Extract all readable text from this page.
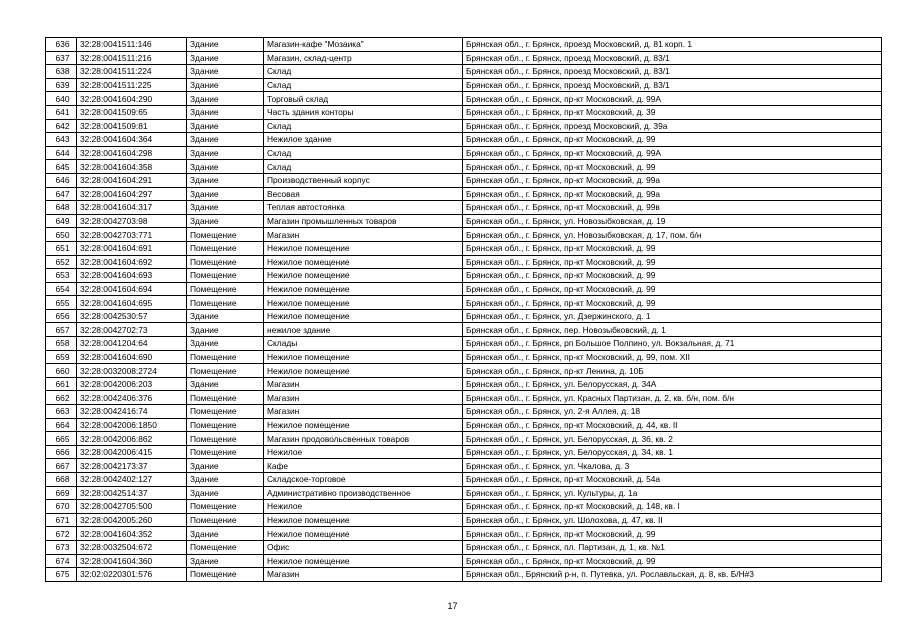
636	32:28:0041511:146	Здание	Магазин-кафе "Мозаика"	Брянская обл., г. Брянск, проезд Московский, д. 81 корп. 1
637	32:28:0041511:216	Здание	Магазин, склад-центр	Брянская обл., г. Брянск, проезд Московский, д. 83/1
638	32:28:0041511:224	Здание	Склад	Брянская обл., г. Брянск, проезд Московский, д. 83/1
639	32:28:0041511:225	Здание	Склад	Брянская обл., г. Брянск, проезд Московский, д. 83/1
640	32:28:0041604:290	Здание	Торговый склад	Брянская обл., г. Брянск, пр-кт Московский, д. 99А
641	32:28:0041509:65	Здание	Часть здания конторы	Брянская обл., г. Брянск, пр-кт Московский, д. 39
642	32:28:0041509:81	Здание	Склад	Брянская обл., г. Брянск, проезд Московский, д. 39а
643	32:28:0041604:364	Здание	Нежилое здание	Брянская обл., г. Брянск, пр-кт Московский, д. 99
644	32:28:0041604:298	Здание	Склад	Брянская обл., г. Брянск, пр-кт Московский, д. 99А
645	32:28:0041604:358	Здание	Склад	Брянская обл., г. Брянск, пр-кт Московский, д. 99
646	32:28:0041604:291	Здание	Производственный корпус	Брянская обл., г. Брянск, пр-кт Московский, д. 99а
647	32:28:0041604:297	Здание	Весовая	Брянская обл., г. Брянск, пр-кт Московский, д. 99а
648	32:28:0041604:317	Здание	Теплая автостоянка	Брянская обл., г. Брянск, пр-кт Московский, д. 99в
649	32:28:0042703:98	Здание	Магазин промышленных товаров	Брянская обл., г. Брянск, ул. Новозыбковская, д. 19
650	32:28:0042703:771	Помещение	Магазин	Брянская обл., г. Брянск, ул. Новозыбковская, д. 17, пом. б/н
651	32:28:0041604:691	Помещение	Нежилое помещение	Брянская обл., г. Брянск, пр-кт Московский, д. 99
652	32:28:0041604:692	Помещение	Нежилое помещение	Брянская обл., г. Брянск, пр-кт Московский, д. 99
653	32:28:0041604:693	Помещение	Нежилое помещение	Брянская обл., г. Брянск, пр-кт Московский, д. 99
654	32:28:0041604:694	Помещение	Нежилое помещение	Брянская обл., г. Брянск, пр-кт Московский, д. 99
655	32:28:0041604:695	Помещение	Нежилое помещение	Брянская обл., г. Брянск, пр-кт Московский, д. 99
656	32:28:0042530:57	Здание	Нежилое помещение	Брянская обл., г. Брянск, ул. Дзержинского, д. 1
657	32:28:0042702:73	Здание	нежилое здание	Брянская обл., г. Брянск, пер. Новозыбковский, д. 1
658	32:28:0041204:64	Здание	Склады	Брянская обл., г. Брянск, рп Большое Полпино, ул. Вокзальная, д. 71
659	32:28:0041604:690	Помещение	Нежилое помещение	Брянская обл., г. Брянск, пр-кт Московский, д. 99, пом. XII
660	32:28:0032008:2724	Помещение	Нежилое помещение	Брянская обл., г. Брянск, пр-кт Ленина, д. 10Б
661	32:28:0042006:203	Здание	Магазин	Брянская обл., г. Брянск, ул. Белорусская, д. 34А
662	32:28:0042406:376	Помещение	Магазин	Брянская обл., г. Брянск, ул. Красных Партизан, д. 2, кв. б/н, пом. б/н
663	32:28:0042416:74	Помещение	Магазин	Брянская обл., г. Брянск, ул. 2-я Аллея, д. 18
664	32:28:0042006:1850	Помещение	Нежилое помещение	Брянская обл., г. Брянск, пр-кт Московский, д. 44, кв. II
665	32:28:0042006:862	Помещение	Магазин продовольсвенных товаров	Брянская обл., г. Брянск, ул. Белорусская, д. 36, кв. 2
666	32:28:0042006:415	Помещение	Нежилое	Брянская обл., г. Брянск, ул. Белорусская, д. 34, кв. 1
667	32:28:0042173:37	Здание	Кафе	Брянская обл., г. Брянск, ул. Чкалова, д. 3
668	32:28:0042402:127	Здание	Складское-торговое	Брянская обл., г. Брянск, пр-кт Московский, д. 54а
669	32:28:0042514:37	Здание	Административно производственное	Брянская обл., г. Брянск, ул. Культуры, д. 1а
670	32:28:0042705:500	Помещение	Нежилое	Брянская обл., г. Брянск, пр-кт Московский, д. 148, кв. I
671	32:28:0042005:260	Помещение	Нежилое помещение	Брянская обл., г. Брянск, ул. Шолохова, д. 47, кв. II
672	32:28:0041604:352	Здание	Нежилое помещение	Брянская обл., г. Брянск, пр-кт Московский, д. 99
673	32:28:0032504:672	Помещение	Офис	Брянская обл., г. Брянск, пл. Партизан, д. 1, кв. №1
674	32:28:0041604:360	Здание	Нежилое помещение	Брянская обл., г. Брянск, пр-кт Московский, д. 99
675	32:02:0220301:576	Помещение	Магазин	Брянская обл., Брянский р-н, п. Путевка, ул. Рославльская, д. 8, кв. Б/Н#3
17
